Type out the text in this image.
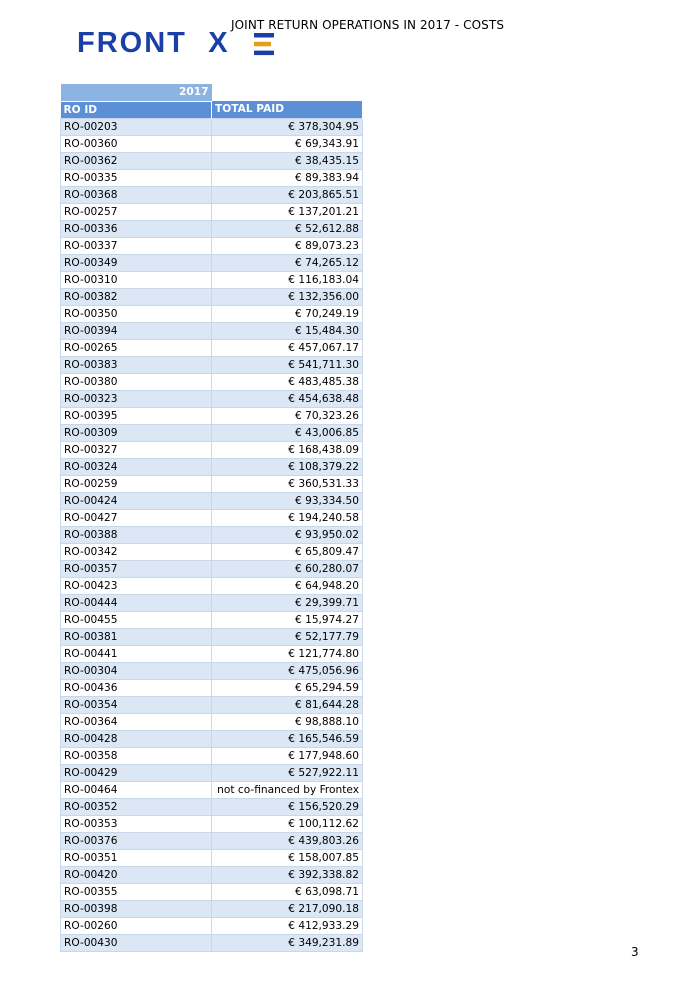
JOINT RETURN OPERATIONS IN 2017 - COSTS
FRONT X
2017	
RO ID	TOTAL PAID
RO-00203	€ 378,304.95
RO-00360	€ 69,343.91
RO-00362	€ 38,435.15
RO-00335	€ 89,383.94
RO-00368	€ 203,865.51
RO-00257	€ 137,201.21
RO-00336	€ 52,612.88
RO-00337	€ 89,073.23
RO-00349	€ 74,265.12
RO-00310	€ 116,183.04
RO-00382	€ 132,356.00
RO-00350	€ 70,249.19
RO-00394	€ 15,484.30
RO-00265	€ 457,067.17
RO-00383	€ 541,711.30
RO-00380	€ 483,485.38
RO-00323	€ 454,638.48
RO-00395	€ 70,323.26
RO-00309	€ 43,006.85
RO-00327	€ 168,438.09
RO-00324	€ 108,379.22
RO-00259	€ 360,531.33
RO-00424	€ 93,334.50
RO-00427	€ 194,240.58
RO-00388	€ 93,950.02
RO-00342	€ 65,809.47
RO-00357	€ 60,280.07
RO-00423	€ 64,948.20
RO-00444	€ 29,399.71
RO-00455	€ 15,974.27
RO-00381	€ 52,177.79
RO-00441	€ 121,774.80
RO-00304	€ 475,056.96
RO-00436	€ 65,294.59
RO-00354	€ 81,644.28
RO-00364	€ 98,888.10
RO-00428	€ 165,546.59
RO-00358	€ 177,948.60
RO-00429	€ 527,922.11
RO-00464	not co-financed by Frontex
RO-00352	€ 156,520.29
RO-00353	€ 100,112.62
RO-00376	€ 439,803.26
RO-00351	€ 158,007.85
RO-00420	€ 392,338.82
RO-00355	€ 63,098.71
RO-00398	€ 217,090.18
RO-00260	€ 412,933.29
RO-00430	€ 349,231.89
3
